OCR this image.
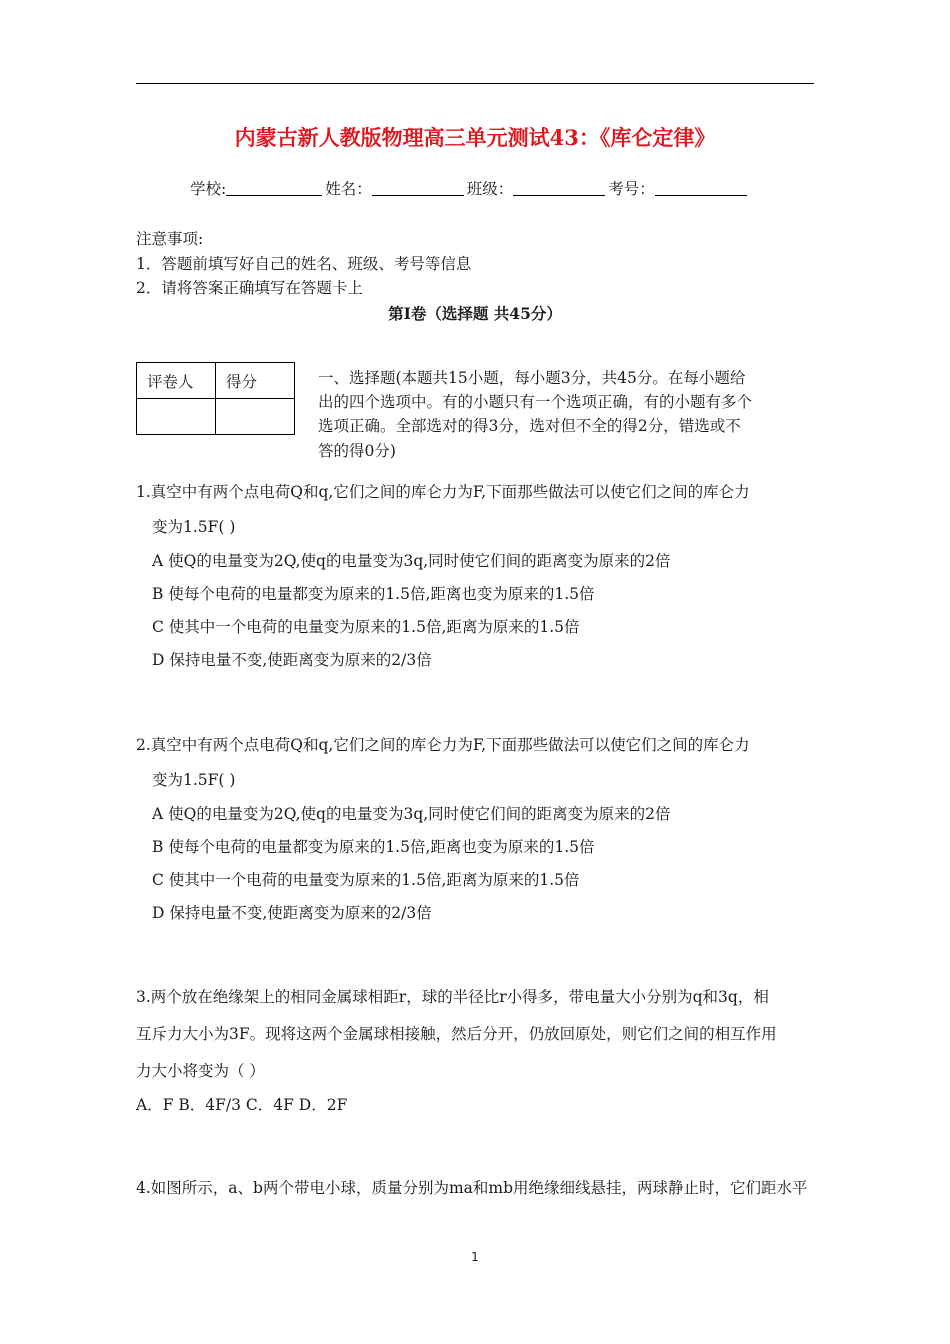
内蒙古新人教版物理高三单元测试43：《库仑定律》
学校:	姓名：	班级：	考号：
注意事项:
1．答题前填写好自己的姓名、班级、考号等信息
2．请将答案正确填写在答题卡上
第Ⅰ卷（选择题 共45分）
评卷人	得分
		一、选择题(本题共15小题，每小题3分，共45分。在每小题给
出的四个选项中。有的小题只有一个选项正确，有的小题有多个
选项正确。全部选对的得3分，选对但不全的得2分，错选或不
答的得0分)
1.真空中有两个点电荷Q和q,它们之间的库仑力为F,下面那些做法可以使它们之间的库仑力
变为1.5F( )
A 使Q的电量变为2Q,使q的电量变为3q,同时使它们间的距离变为原来的2倍
B 使每个电荷的电量都变为原来的1.5倍,距离也变为原来的1.5倍
C 使其中一个电荷的电量变为原来的1.5倍,距离为原来的1.5倍
D 保持电量不变,使距离变为原来的2/3倍
2.真空中有两个点电荷Q和q,它们之间的库仑力为F,下面那些做法可以使它们之间的库仑力
变为1.5F( )
A 使Q的电量变为2Q,使q的电量变为3q,同时使它们间的距离变为原来的2倍
B 使每个电荷的电量都变为原来的1.5倍,距离也变为原来的1.5倍
C 使其中一个电荷的电量变为原来的1.5倍,距离为原来的1.5倍
D 保持电量不变,使距离变为原来的2/3倍
3.两个放在绝缘架上的相同金属球相距r，球的半径比r小得多，带电量大小分别为q和3q，相
互斥力大小为3F。现将这两个金属球相接触，然后分开，仍放回原处，则它们之间的相互作用
力大小将变为（ ）
A．F B．4F/3 C．4F D．2F
4.如图所示，a、b两个带电小球，质量分别为ma和mb用绝缘细线悬挂，两球静止时，它们距水平
1
